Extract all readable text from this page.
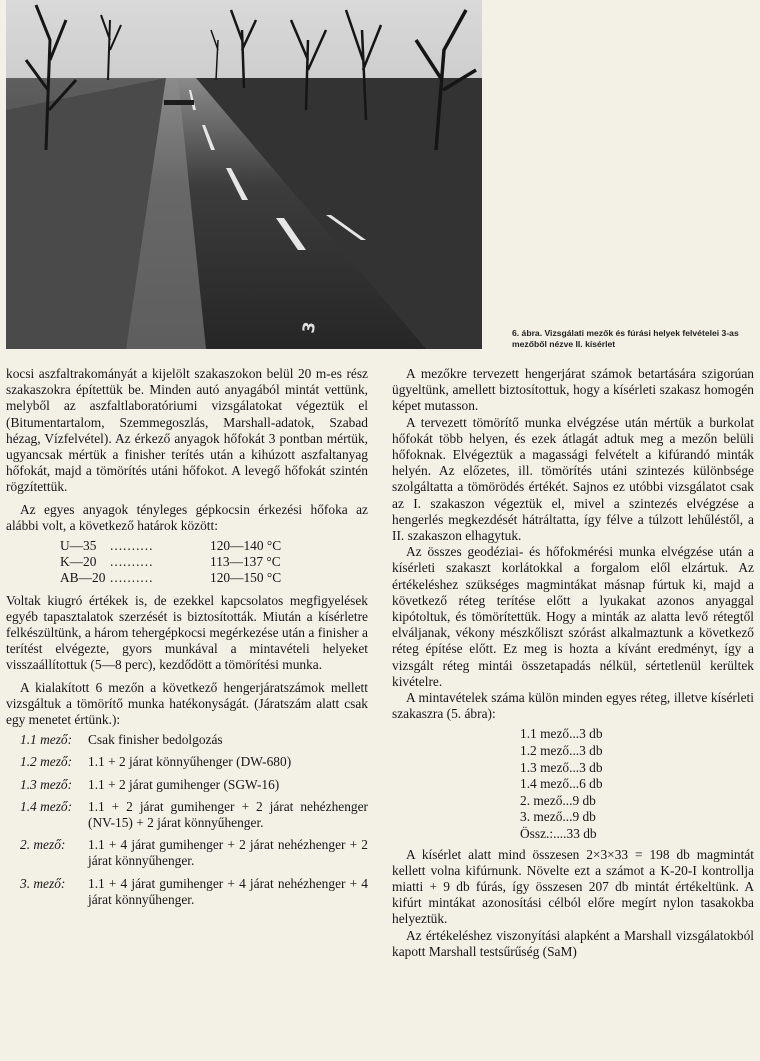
3	6. ábra. Vizsgálati mezők és fúrási helyek felvételei 3-as mezőből nézve II. kísérlet

kocsi aszfaltrakományát a kijelölt szakaszokon belül 20 m-es rész szakaszokra építettük be. Minden autó anyagából mintát vettünk, melyből az aszfaltlaboratóriumi vizsgálatokat végeztük el (Bitumentartalom, Szemmegoszlás, Marshall-adatok, Szabad hézag, Vízfelvétel). Az érkező anyagok hőfokát 3 pontban mértük, ugyancsak mértük a finisher terítés után a kihúzott aszfaltanyag hőfokát, majd a tömörítés utáni hőfokot. A levegő hőfokát szintén rögzítettük.

Az egyes anyagok tényleges gépkocsin érkezési hőfoka az alábbi volt, a következő határok között:

U—35	..........	120—140 °C
K—20	..........	113—137 °C
AB—20 ..........	120—150 °C

Voltak kiugró értékek is, de ezekkel kapcsolatos megfigyelések egyéb tapasztalatok szerzését is biztosították. Miután a kísérletre felkészültünk, a három tehergépkocsi megérkezése után a finisher a terítést elvégezte, gyors munkával a mintavételi helyeket visszaállítottuk (5—8 perc), kezdődött a tömörítési munka.

A kialakított 6 mezőn a következő hengerjáratszámok mellett vizsgáltuk a tömörítő munka hatékonyságát. (Járatszám alatt csak egy menetet értünk.):

1.1 mező:	Csak finisher bedolgozás
1.2 mező:	1.1 + 2 járat könnyűhenger (DW-680)
1.3 mező:	1.1 + 2 járat gumihenger (SGW-16)
1.4 mező:	1.1 + 2 járat gumihenger + 2 járat nehézhenger (NV-15) + 2 járat könnyűhenger.
2. mező:	1.1 + 4 járat gumihenger + 2 járat nehézhenger + 2 járat könnyűhenger.
3. mező:	1.1 + 4 járat gumihenger + 4 járat nehézhenger + 4 járat könnyűhenger.

A mezőkre tervezett hengerjárat számok betartására szigorúan ügyeltünk, amellett biztosítottuk, hogy a kísérleti szakasz homogén képet mutasson.

A tervezett tömörítő munka elvégzése után mértük a burkolat hőfokát több helyen, és ezek átlagát adtuk meg a mezőn belüli hőfoknak. Elvégeztük a magassági felvételt a kifúrandó minták helyén. Az előzetes, ill. tömörítés utáni szintezés különbsége szolgáltatta a tömörödés értékét. Sajnos ez utóbbi vizsgálatot csak az I. szakaszon végeztük el, mivel a szintezés elvégzése a hengerlés megkezdését hátráltatta, így félve a túlzott lehűléstől, a II. szakaszon elhagytuk.

Az összes geodéziai- és hőfokmérési munka elvégzése után a kísérleti szakaszt korlátokkal a forgalom elől elzártuk. Az értékeléshez szükséges magmintákat másnap fúrtuk ki, majd a következő réteg terítése előtt a lyukakat azonos anyaggal kipótoltuk, és tömörítettük. Hogy a minták az alatta levő rétegtől elváljanak, vékony mészkőliszt szórást alkalmaztunk a következő réteg építése előtt. Ez meg is hozta a kívánt eredményt, így a vizsgált réteg mintái összetapadás nélkül, sértetlenül kerültek kivételre.

A mintavételek száma külön minden egyes réteg, illetve kísérleti szakaszra (5. ábra):

1.1 mező...3 db
1.2 mező...3 db
1.3 mező...3 db
1.4 mező...6 db
2. mező...9 db
3. mező...9 db
Össz.:....33 db

A kísérlet alatt mind összesen 2×3×33 = 198 db magmintát kellett volna kifúrnunk. Növelte ezt a számot a K-20-I kontrollja miatti + 9 db fúrás, így összesen 207 db mintát értékeltünk. A kifúrt mintákat azonosítási célból előre megírt nylon tasakokba helyeztük.

Az értékeléshez viszonyítási alapként a Marshall vizsgálatokból kapott Marshall testsűrűség (SaM)
